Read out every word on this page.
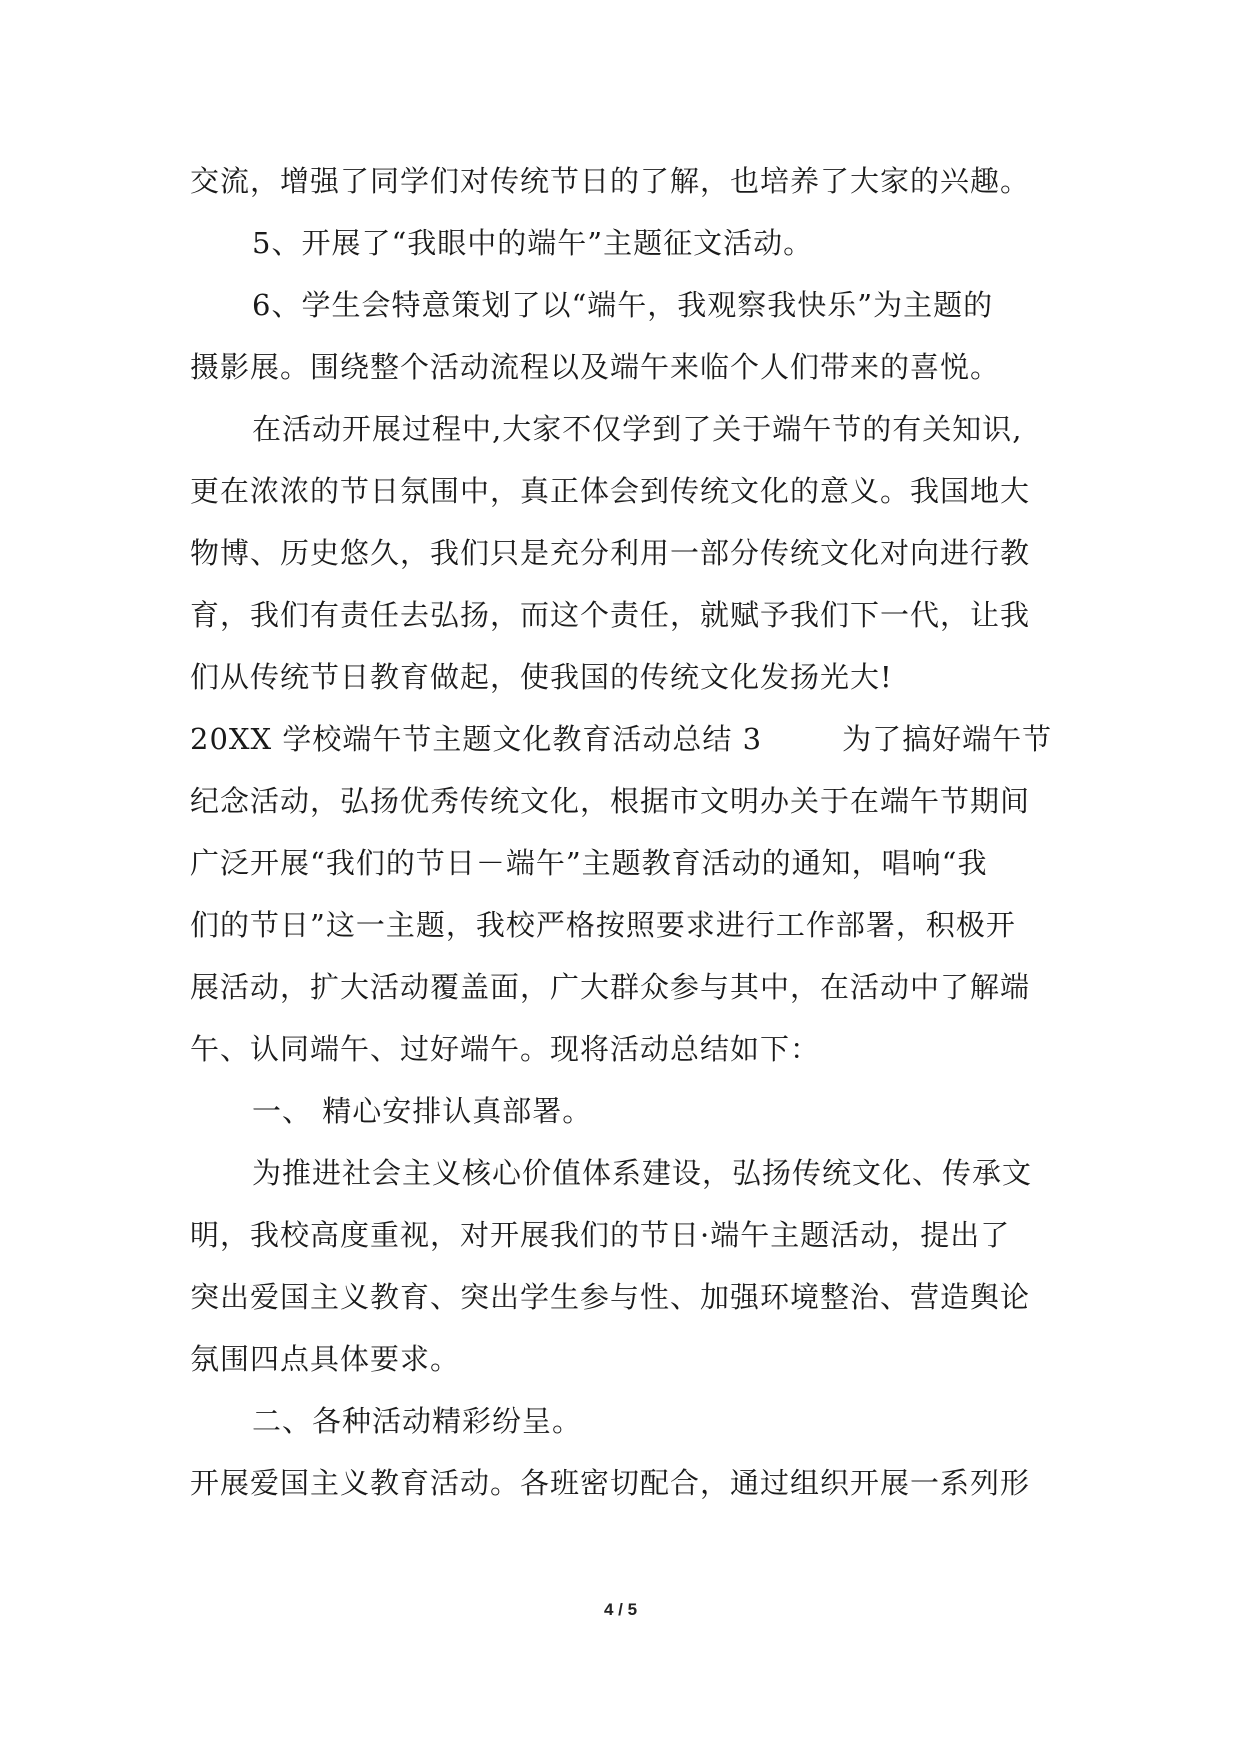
交流，增强了同学们对传统节日的了解，也培养了大家的兴趣。
5、开展了“我眼中的端午”主题征文活动。
6、学生会特意策划了以“端午，我观察我快乐”为主题的
摄影展。围绕整个活动流程以及端午来临个人们带来的喜悦。
在活动开展过程中,大家不仅学到了关于端午节的有关知识,
更在浓浓的节日氛围中，真正体会到传统文化的意义。我国地大
物博、历史悠久，我们只是充分利用一部分传统文化对向进行教
育，我们有责任去弘扬，而这个责任，就赋予我们下一代，让我
们从传统节日教育做起，使我国的传统文化发扬光大!
20XX 学校端午节主题文化教育活动总结 3	为了搞好端午节
纪念活动，弘扬优秀传统文化，根据市文明办关于在端午节期间
广泛开展“我们的节日－端午”主题教育活动的通知，唱响“我
们的节日”这一主题，我校严格按照要求进行工作部署，积极开
展活动，扩大活动覆盖面，广大群众参与其中，在活动中了解端
午、认同端午、过好端午。现将活动总结如下：
一、 精心安排认真部署。
为推进社会主义核心价值体系建设，弘扬传统文化、传承文
明，我校高度重视，对开展我们的节日·端午主题活动，提出了
突出爱国主义教育、突出学生参与性、加强环境整治、营造舆论
氛围四点具体要求。
二、各种活动精彩纷呈。
开展爱国主义教育活动。各班密切配合，通过组织开展一系列形
4 / 5
